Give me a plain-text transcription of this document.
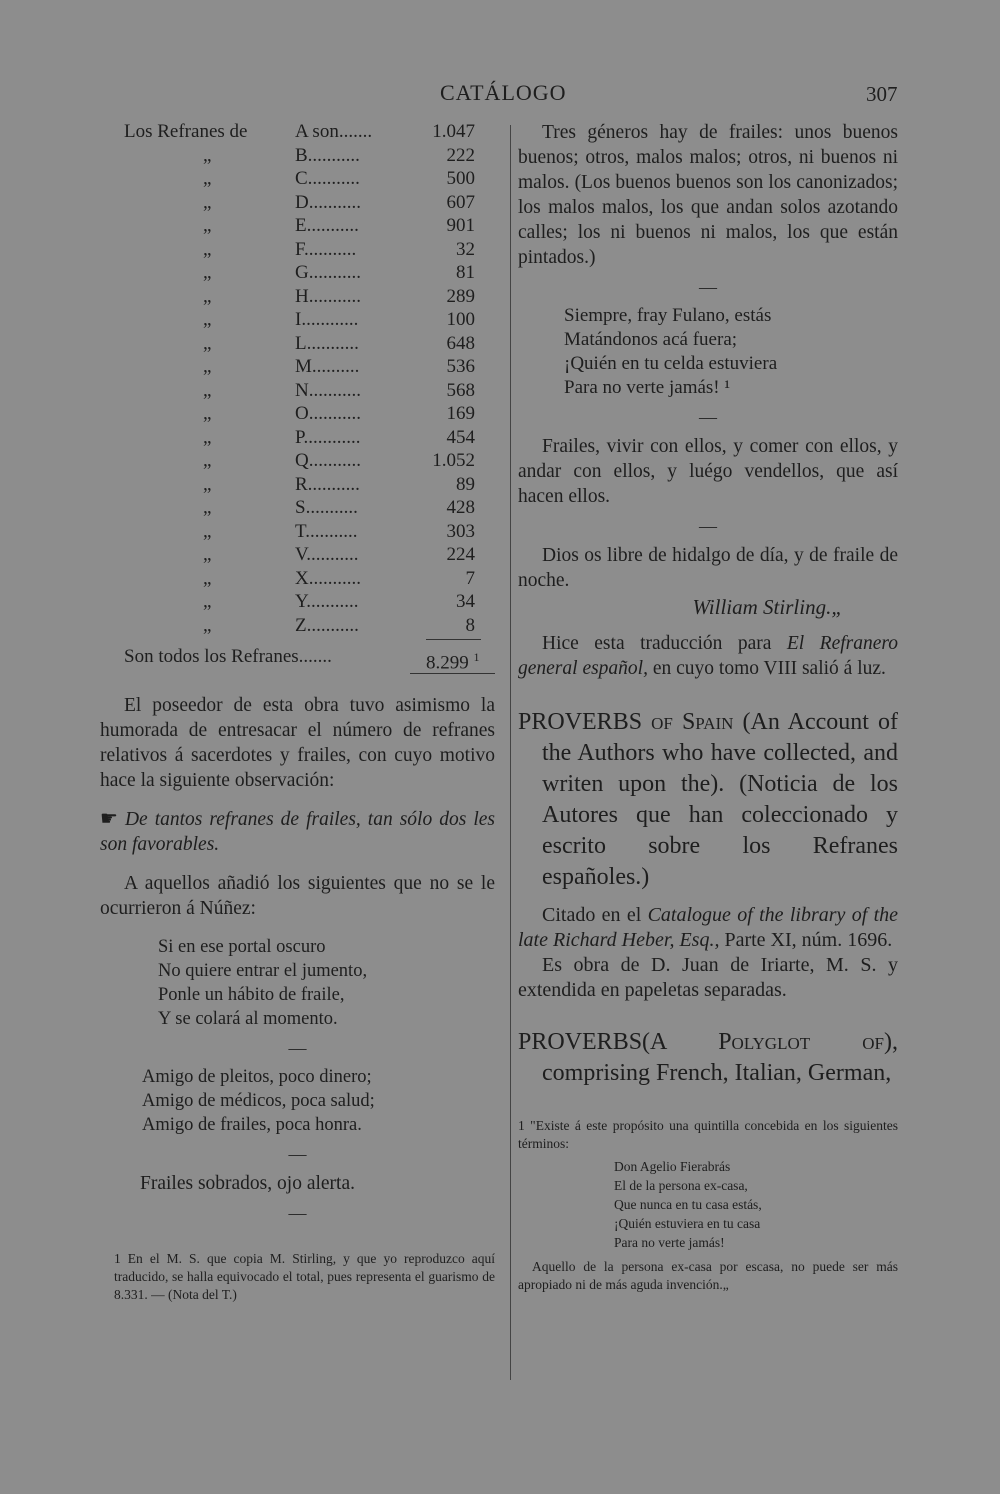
CATÁLOGO	307
Los Refranes de	A son.......	1.047
„	B...........	222
„	C...........	500
„	D...........	607
„	E...........	901
„	F...........	32
„	G...........	81
„	H...........	289
„	I............	100
„	L...........	648
„	M..........	536
„	N...........	568
„	O...........	169
„	P............	454
„	Q...........	1.052
„	R...........	89
„	S...........	428
„	T...........	303
„	V...........	224
„	X...........	7
„	Y...........	34
„	Z...........	8
Son todos los Refranes.......	8.299 $^1$

El poseedor de esta obra tuvo asimismo la humorada de entresacar el número de refranes relativos á sacerdotes y frailes, con cuyo motivo hace la siguiente observación:

☛ De tantos refranes de frailes, tan sólo dos les son favorables.

A aquellos añadió los siguientes que no se le ocurrieron á Núñez:

Si en ese portal oscuro
No quiere entrar el jumento,
Ponle un hábito de fraile,
Y se colará al momento.
—
Amigo de pleitos, poco dinero;
Amigo de médicos, poca salud;
Amigo de frailes, poca honra.
—

Frailes sobrados, ojo alerta.

—

1 En el M. S. que copia M. Stirling, y que yo reproduzco aquí traducido, se halla equivocado el total, pues representa el guarismo de 8.331. — (Nota del T.)

Tres géneros hay de frailes: unos buenos buenos; otros, malos malos; otros, ni buenos ni malos. (Los buenos buenos son los canonizados; los malos malos, los que andan solos azotando calles; los ni buenos ni malos, los que están pintados.)

—
Siempre, fray Fulano, estás
Matándonos acá fuera;
¡Quién en tu celda estuviera
Para no verte jamás! ¹
—

Frailes, vivir con ellos, y comer con ellos, y andar con ellos, y luégo vendellos, que así hacen ellos.

—

Dios os libre de hidalgo de día, y de fraile de noche.

William Stirling.„

Hice esta traducción para El Refranero general español, en cuyo tomo VIII salió á luz.

PROVERBS of Spain (An Account of the Authors who have collected, and writen upon the). (Noticia de los Autores que han coleccionado y escrito sobre los Refranes españoles.)

Citado en el Catalogue of the library of the late Richard Heber, Esq., Parte XI, núm. 1696.

Es obra de D. Juan de Iriarte, M. S. y extendida en papeletas separadas.

PROVERBS(A Polyglot of), comprising French, Italian, German,

1 "Existe á este propósito una quintilla concebida en los siguientes términos:

Don Agelio Fierabrás
El de la persona ex-casa,
Que nunca en tu casa estás,
¡Quién estuviera en tu casa
Para no verte jamás!

Aquello de la persona ex-casa por escasa, no puede ser más apropiado ni de más aguda invención.„
